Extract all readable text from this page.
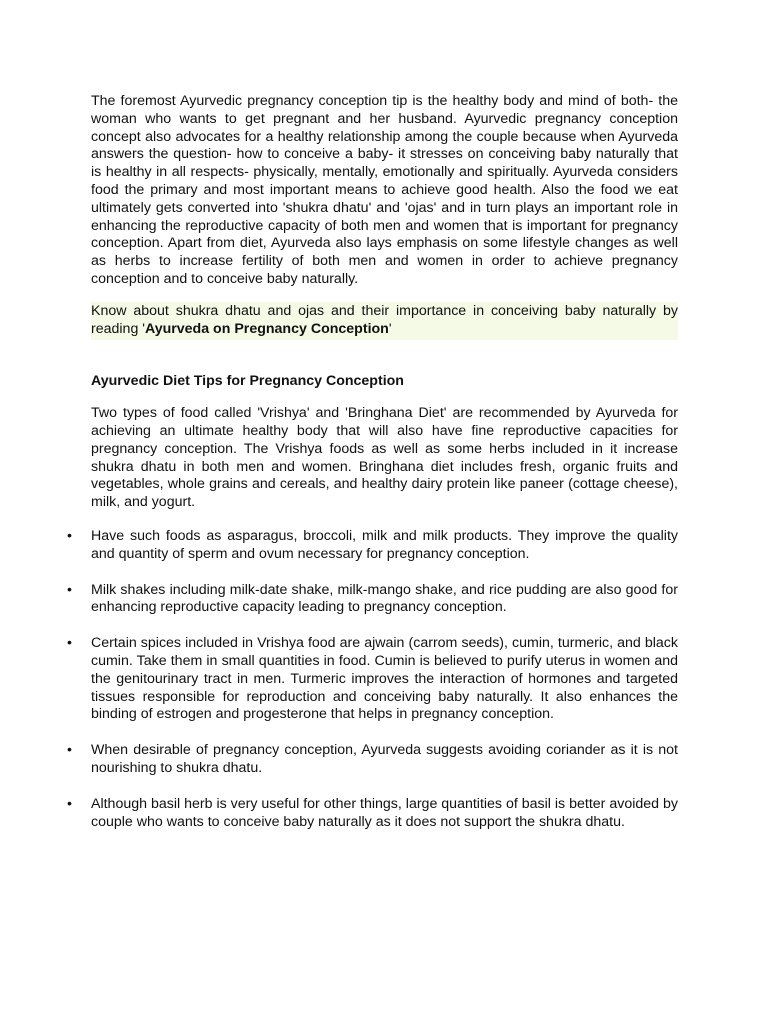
The foremost Ayurvedic pregnancy conception tip is the healthy body and mind of both- the woman who wants to get pregnant and her husband. Ayurvedic pregnancy conception concept also advocates for a healthy relationship among the couple because when Ayurveda answers the question- how to conceive a baby- it stresses on conceiving baby naturally that is healthy in all respects- physically, mentally, emotionally and spiritually. Ayurveda considers food the primary and most important means to achieve good health. Also the food we eat ultimately gets converted into 'shukra dhatu' and 'ojas' and in turn plays an important role in enhancing the reproductive capacity of both men and women that is important for pregnancy conception. Apart from diet, Ayurveda also lays emphasis on some lifestyle changes as well as herbs to increase fertility of both men and women in order to achieve pregnancy conception and to conceive baby naturally.

Know about shukra dhatu and ojas and their importance in conceiving baby naturally by reading 'Ayurveda on Pregnancy Conception'

Ayurvedic Diet Tips for Pregnancy Conception

Two types of food called 'Vrishya' and 'Bringhana Diet' are recommended by Ayurveda for achieving an ultimate healthy body that will also have fine reproductive capacities for pregnancy conception. The Vrishya foods as well as some herbs included in it increase shukra dhatu in both men and women. Bringhana diet includes fresh, organic fruits and vegetables, whole grains and cereals, and healthy dairy protein like paneer (cottage cheese), milk, and yogurt.

• Have such foods as asparagus, broccoli, milk and milk products. They improve the quality and quantity of sperm and ovum necessary for pregnancy conception.
• Milk shakes including milk-date shake, milk-mango shake, and rice pudding are also good for enhancing reproductive capacity leading to pregnancy conception.
• Certain spices included in Vrishya food are ajwain (carrom seeds), cumin, turmeric, and black cumin. Take them in small quantities in food. Cumin is believed to purify uterus in women and the genitourinary tract in men. Turmeric improves the interaction of hormones and targeted tissues responsible for reproduction and conceiving baby naturally. It also enhances the binding of estrogen and progesterone that helps in pregnancy conception.
• When desirable of pregnancy conception, Ayurveda suggests avoiding coriander as it is not nourishing to shukra dhatu.
• Although basil herb is very useful for other things, large quantities of basil is better avoided by couple who wants to conceive baby naturally as it does not support the shukra dhatu.
